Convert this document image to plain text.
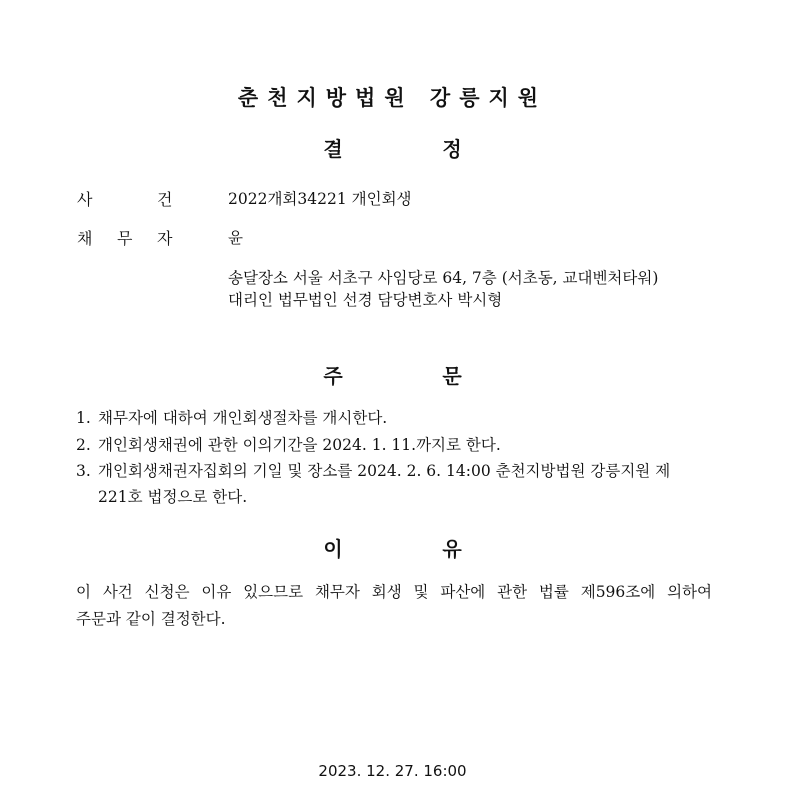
춘천지방법원 강릉지원
결	정
사	건	2022개회34221 개인회생
채 무 자	윤
송달장소 서울 서초구 사임당로 64, 7층 (서초동, 교대벤처타워)
대리인 법무법인 선경 담당변호사 박시형
주	문
1. 채무자에 대하여 개인회생절차를 개시한다.
2. 개인회생채권에 관한 이의기간을 2024. 1. 11.까지로 한다.
3. 개인회생채권자집회의 기일 및 장소를 2024. 2. 6. 14:00 춘천지방법원 강릉지원 제
221호 법정으로 한다.
이	유
이 사건 신청은 이유 있으므로 채무자 회생 및 파산에 관한 법률 제596조에 의하여
주문과 같이 결정한다.
2023. 12. 27. 16:00
